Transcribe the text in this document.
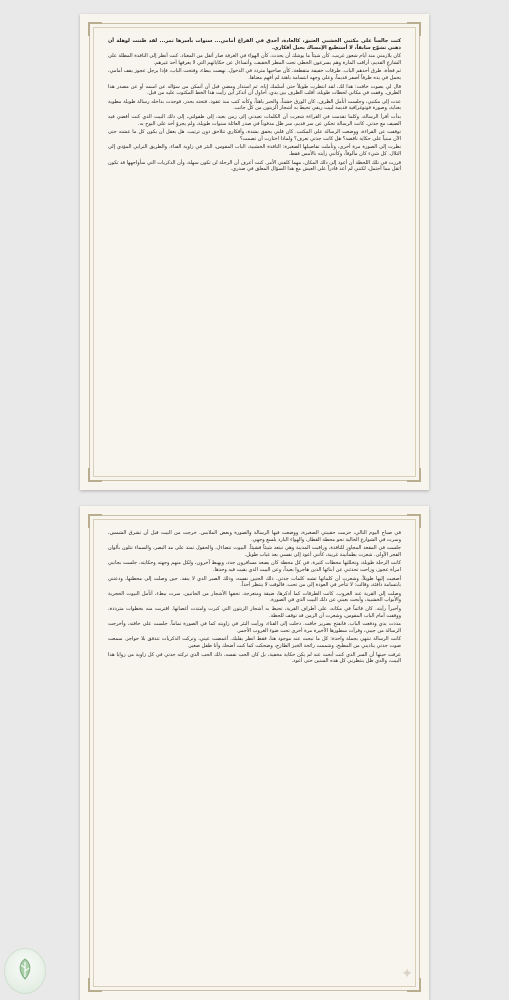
كنت جالساً على مكتبي الخشبي العتيق، كالعادة، أحدق في الفراغ أمامي... سنوات بأسرها تمر... لقد ظننت لوهلة أن ذهني تشوّح سابقاً، لا أستطيع الإمساك بحبل أفكاري.

كان يلازمني منذ أيام شعور غريب، كأن شيئاً ما يوشك أن يحدث، كأن الهواء في الغرفة صار أثقل من المعتاد. كنت أنظر إلى النافذة المطلة على الشارع القديم، أراقب المارة وهم يسرعون الخطى تحت المطر الخفيف، وأتساءل عن حكاياتهم التي لا يعرفها أحد غيرهم.

ثم فجأة، طرق أحدهم الباب. طرقات خفيفة متقطعة، كأن صاحبها متردد في الدخول. نهضت ببطء، وفتحت الباب، فإذا برجل عجوز يقف أمامي، يحمل في يده ظرفاً أصفر قديماً، وعلى وجهه ابتسامة باهتة لم أفهم معناها.

قال لي بصوت خافت: هذا لك، لقد انتظرت طويلاً حتى أسلمك إياه. ثم استدار ومضى قبل أن أتمكن من سؤاله عن اسمه أو عن مصدر هذا الظرف. وقفت في مكاني لحظات طويلة، أقلب الظرف بين يدي، أحاول أن أتذكر أين رأيت هذا الخط المكتوب عليه من قبل.

عدت إلى مكتبي، وجلست أتأمل الظرف. كان الورق خشناً، والحبر باهتاً، وكأنه كتب منذ عقود. فتحته بحذر، فوجدت بداخله رسالة طويلة مطوية بعناية، وصورة فوتوغرافية قديمة لبيت ريفي تحيط به أشجار الزيتون من كل جانب.

بدأت أقرأ الرسالة، وكلما تقدمت في القراءة شعرت أن الكلمات تعيدني إلى زمن بعيد، إلى طفولتي، إلى ذلك البيت الذي كنت أقضي فيه الصيف مع جدتي. كانت الرسالة تحكي عن سر قديم، سر ظل مدفوناً في صدر العائلة سنوات طويلة، ولم يجرؤ أحد على البوح به.

توقفت عن القراءة، ووضعت الرسالة على المكتب. كان قلبي يخفق بشدة، وأفكاري تتلاحق دون ترتيب. هل يعقل أن يكون كل ما عشته حتى الآن مبنياً على حكاية ناقصة؟ هل كانت جدتي تعرف؟ ولماذا اختارت أن تصمت؟

نظرت إلى الصورة مرة أخرى، وتأملت تفاصيلها الصغيرة: النافذة الخشبية، الباب المقوس، البئر في زاوية الفناء، والطريق الترابي المؤدي إلى التلال. كل شيء كان مألوفاً، وكأنني رأيته بالأمس فقط.

قررت في تلك اللحظة أن أعود إلى ذلك المكان، مهما كلفني الأمر. كنت أعرف أن الرحلة لن تكون سهلة، وأن الذكريات التي سأواجهها قد تكون أثقل مما أحتمل، لكنني لم أعد قادراً على العيش مع هذا السؤال المعلق في صدري.

في صباح اليوم التالي، حزمت حقيبتي الصغيرة، ووضعت فيها الرسالة والصورة وبعض الملابس. خرجت من البيت قبل أن تشرق الشمس، وسرت في الشوارع الخالية نحو محطة القطار، والهواء البارد يلسع وجهي.

جلست في المقعد المجاور للنافذة، وراقبت المدينة وهي تبتعد شيئاً فشيئاً. البيوت تتضاءل، والحقول تمتد على مد البصر، والسماء تتلون بألوان الفجر الأولى. شعرت بطمأنينة غريبة، كأنني أعود إلى نفسي بعد غياب طويل.

كانت الرحلة طويلة، وتخللتها محطات كثيرة. في كل محطة كان يصعد مسافرون جدد، ويهبط آخرون، ولكل منهم وجهته وحكايته. جلست بجانبي امرأة عجوز، وراحت تحدثني عن أبنائها الذين هاجروا بعيداً، وعن البيت الذي بقيت فيه وحدها.

أصغيت إليها طويلاً، وشعرت أن كلماتها تشبه كلمات جدتي. ذلك الحنين نفسه، وذلك الصبر الذي لا ينفد. حين وصلت إلى محطتها، ودعتني بابتسامة دافئة، وقالت: لا تتأخر في العودة إلى من تحب، فالوقت لا ينتظر أحداً.

وصلت إلى القرية عند الغروب. كانت الطرقات كما أذكرها، ضيقة ومتعرجة، تحفها الأشجار من الجانبين. سرت ببطء، أتأمل البيوت الحجرية والأبواب الخشبية، وأبحث بعيني عن ذلك البيت الذي في الصورة.

وأخيراً رأيته. كان قائماً في مكانه، على أطراف القرية، تحيط به أشجار الزيتون التي كبرت وامتدت أغصانها. اقتربت منه بخطوات مترددة، ووقفت أمام الباب المقوس، وشعرت أن الزمن قد توقف للحظة.

مددت يدي ودفعت الباب، فانفتح بصرير خافت. دخلت إلى الفناء، ورأيت البئر في زاويته كما في الصورة تماماً. جلست على حافته، وأخرجت الرسالة من جيبي، وقرأت سطورها الأخيرة مرة أخرى تحت ضوء الغروب الأحمر.

كانت الرسالة تنتهي بجملة واحدة: كل ما تبحث عنه موجود هنا، فقط انظر بقلبك. أغمضت عيني، وتركت الذكريات تتدفق بلا حواجز. سمعت صوت جدتي يناديني من المطبخ، وشممت رائحة الخبز الطازج، وضحكت كما كنت أضحك وأنا طفل صغير.

عرفت حينها أن السر الذي كنت أبحث عنه لم يكن حكاية مخفية، بل كان الحب نفسه، ذلك الحب الذي تركته جدتي في كل زاوية من زوايا هذا البيت، والذي ظل ينتظرني كل هذه السنين حتى أعود.

✦
